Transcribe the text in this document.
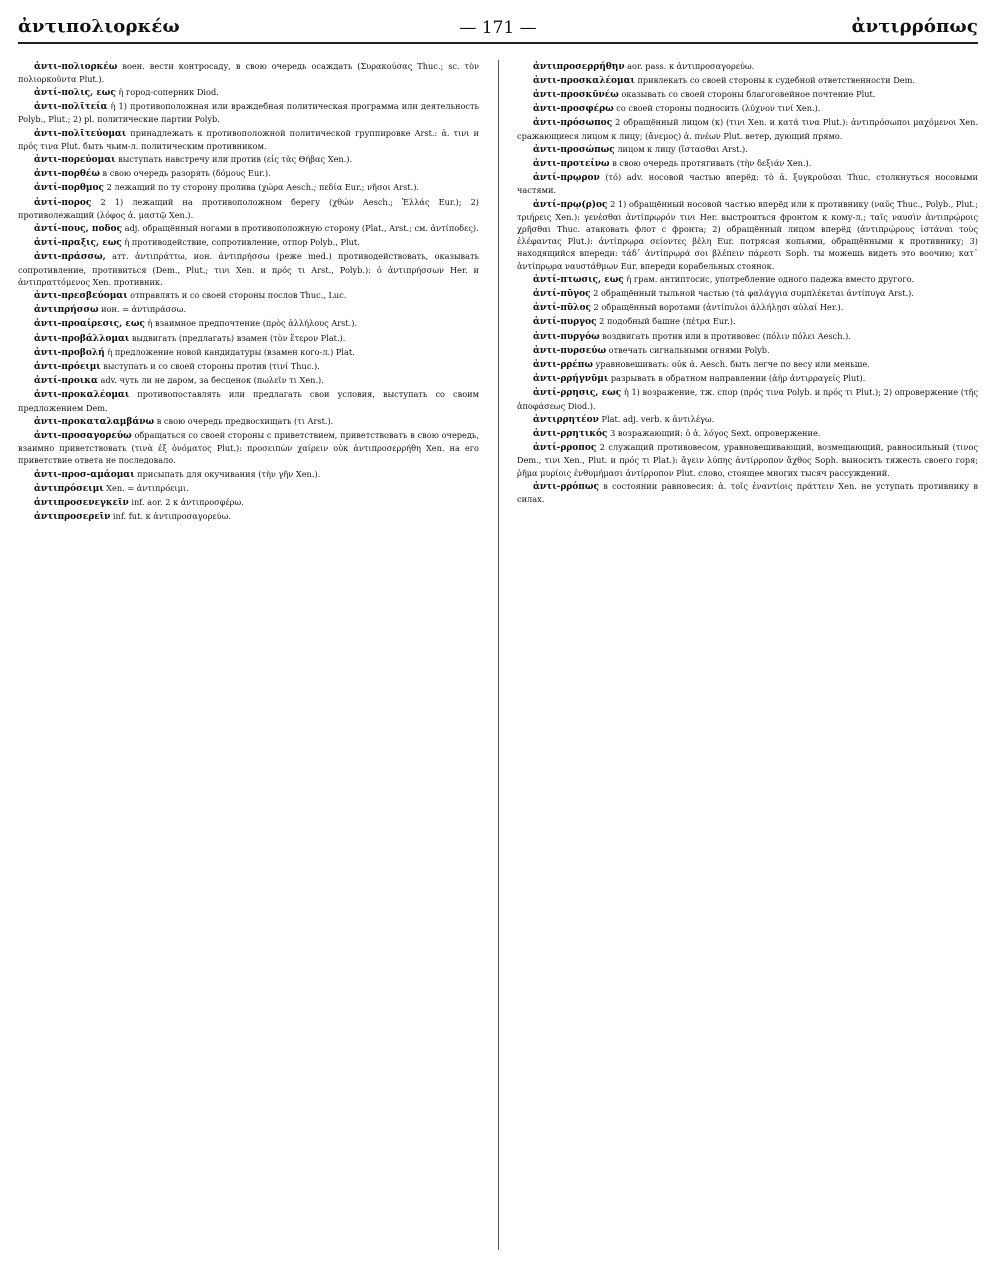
ἀντιπολιορκέω	— 171 —	ἀντιρρόπως

ἀντι-πολιορκέω воен. вести контросаду, в свою очередь осаждать (Συρακούσας Thuc.; sc. τὸν πολιορκοῦντα Plut.).

ἀντί-πολις, εως ἡ город-соперник Diod.

ἀντι-πολῑτεία ἡ 1) противоположная или враждебная политическая программа или деятельность Polyb., Plut.; 2) pl. политические партии Polyb.

ἀντι-πολῑτεύομαι принадлежать к противоположной политической группировке Arst.: ἀ. τινι и πρός τινα Plut. быть чьим-л. политическим противником.

ἀντι-πορεύομαι выступать навстречу или против (εἰς τὰς Θήβας Xen.).

ἀντι-πορθέω в свою очередь разорять (δόμους Eur.).

ἀντί-πορθμος 2 лежащий по ту сторону пролива (χώρα Aesch.; πεδία Eur.; νῆσοι Arst.).

ἀντί-πορος 2 1) лежащий на противоположном берегу (χθών Aesch.; Ἑλλάς Eur.); 2) противолежащий (λόφος ἀ. μαστῷ Xen.).

ἀντί-πους, ποδος adj. обращённый ногами в противоположную сторону (Plat., Arst.; см. ἀντίποδες).

ἀντί-πραξις, εως ἡ противодействие, сопротивление, отпор Polyb., Plut.

ἀντι-πράσσω, атт. ἀντιπράττω, ион. ἀντιπρήσσω (реже med.) противодействовать, оказывать сопротивление, противиться (Dem., Plut.; τινι Xen. и πρός τι Arst., Polyb.): ὁ ἀντιπρήσσων Her. и ἀντιπραττόμενος Xen. противник.

ἀντι-πρεσβεύομαι отправлять и со своей стороны послов Thuc., Luc.

ἀντιπρήσσω ион. = ἀντιπράσσω.

ἀντι-προαίρεσις, εως ἡ взаимное предпочтение (πρὸς ἀλλήλους Arst.).

ἀντι-προβάλλομαι выдвигать (предлагать) взамен (τὸν ἕτερον Plat.).

ἀντι-προβολή ἡ предложение новой кандидатуры (взамен кого-л.) Plat.

ἀντι-πρόειμι выступать и со своей стороны против (τινί Thuc.).

ἀντί-προικα adv. чуть ли не даром, за бесценок (πωλεῖν τι Xen.).

ἀντι-προκαλέομαι противопоставлять или предлагать свои условия, выступать со своим предложением Dem.

ἀντι-προκαταλαμβάνω в свою очередь предвосхищать (τι Arst.).

ἀντι-προσαγορεύω обращаться со своей стороны с приветствием, приветствовать в свою очередь, взаимно приветствовать (τινὰ ἐξ ὀνόματος Plut.): προσειπὼν χαίρειν οὐκ ἀντιπροσερρήθη Xen. на его приветствие ответа не последовало.

ἀντι-προσ-αμάομαι присыпать для окучивания (τὴν γῆν Xen.).

ἀντιπρόσειμι Xen. = ἀντιπρόειμι.

ἀντιπροσενεγκεῖν inf. aor. 2 к ἀντιπροσφέρω.

ἀντιπροσερεῖν inf. fut. к ἀντιπροσαγορεύω.

ἀντιπροσερρήθην aor. pass. к ἀντιπροσαγορεύω.

ἀντι-προσκαλέομαι привлекать со своей стороны к судебной ответственности Dem.

ἀντι-προσκῡνέω оказывать со своей стороны благоговейное почтение Plut.

ἀντι-προσφέρω со своей стороны подносить (λύχνον τινί Xen.).

ἀντι-πρόσωπος 2 обращённый лицом (к) (τινι Xen. и κατά τινα Plut.): ἀντιπρόσωποι μαχόμενοι Xen. сражающиеся лицом к лицу; (ἄνεμος) ἀ. πνέων Plut. ветер, дующий прямо.

ἀντι-προσώπως лицом к лицу (ἵστασθαι Arst.).

ἀντι-προτείνω в свою очередь протягивать (τὴν δεξιάν Xen.).

ἀντί-πρῳρον (τό) adv. носовой частью вперёд: τὸ ἀ. ξυγκροῦσαι Thuc. столкнуться носовыми частями.

ἀντί-πρῳ(ρ)ος 2 1) обращённый носовой частью вперёд или к противнику (ναῦς Thuc., Polyb., Plut.; τριήρεις Xen.): γενέσθαι ἀντίπρῳρόν τινι Her. выстроиться фронтом к кому-л.; ταῖς ναυσὶν ἀντιπρῴροις χρῆσθαι Thuc. атаковать флот с фронта; 2) обращённый лицом вперёд (ἀντιπρῴρους ἱστάναι τοὺς ἐλέφαντας Plut.): ἀντίπρῳρα σείοντες βέλη Eur. потрясая копьями, обращёнными к противнику; 3) находящийся впереди: τάδ᾽ ἀντίπρῳρά σοι βλέπειν πάρεστι Soph. ты можешь видеть это воочию; κατ᾽ ἀντίπρῳρα ναυστάθμων Eur. впереди корабельных стоянок.

ἀντί-πτωσις, εως ἡ грам. антиптосис, употребление одного падежа вместо другого.

ἀντί-πῡγος 2 обращённый тыльной частью (τὰ φαλάγγια συμπλέκεται ἀντίπυγα Arst.).

ἀντί-πῡλος 2 обращённый воротами (ἀντίπυλοι ἀλλήλῃσι αὐλαί Her.).

ἀντί-πυργος 2 подобный башне (πέτρα Eur.).

ἀντι-πυργόω воздвигать против или в противовес (πόλιν πόλει Aesch.).

ἀντι-πυρσεύω отвечать сигнальными огнями Polyb.

ἀντι-ρρέπω уравновешивать: οὐκ ἀ. Aesch. быть легче по весу или меньше.

ἀντι-ρρήγνῡμι разрывать в обратном направлении (ἀὴρ ἀντιρραγείς Plut).

ἀντί-ρρησις, εως ἡ 1) возражение, тж. спор (πρός τινα Polyb. и πρός τι Plut.); 2) опровержение (τῆς ἀποφάσεως Diod.).

ἀντιρρητέον Plat. adj. verb. к ἀντιλέγω.

ἀντι-ρρητικός 3 возражающий: ὁ ἀ. λόγος Sext. опровержение.

ἀντί-ρροπος 2 служащий противовесом, уравновешивающий, возмещающий, равносильный (τινος Dem., τινι Xen., Plut. и πρός τι Plat.): ἄγειν λύπης ἀντίρροπον ἄχθος Soph. выносить тяжесть своего горя; ῥῆμα μυρίοις ἐνθυμήμασι ἀντίρροπον Plut. слово, стоящее многих тысяч рассуждений.

ἀντι-ρρόπως в состоянии равновесия: ἀ. τοῖς ἐναντίοις πράττειν Xen. не уступать противнику в силах.
